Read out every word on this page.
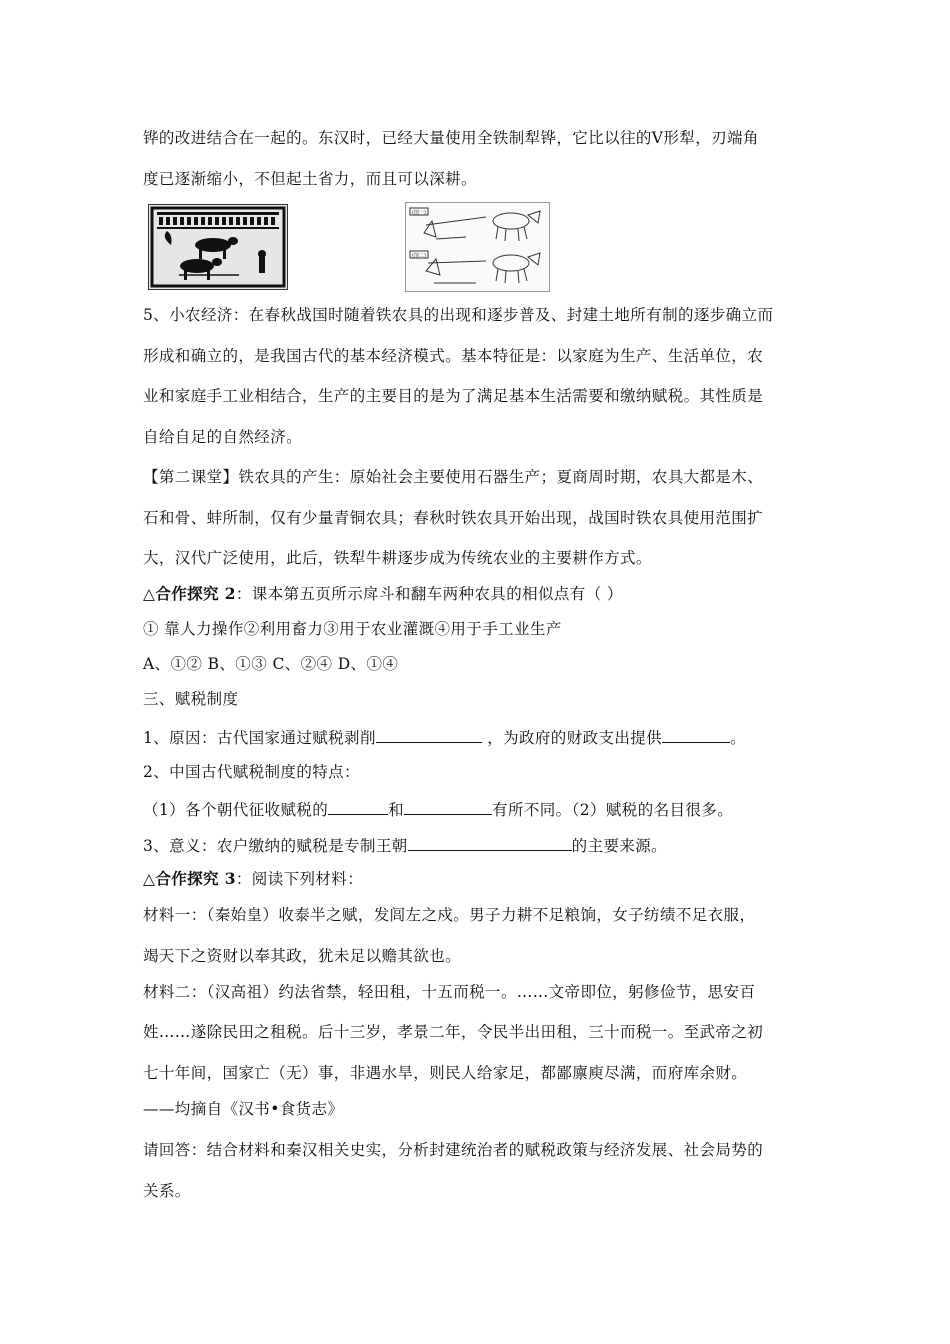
铧的改进结合在一起的。东汉时，已经大量使用全铁制犁铧，它比以往的V形犁，刃端角
度已逐渐缩小，不但起土省力，而且可以深耕。
(图一)
(图二)
5、小农经济：在春秋战国时随着铁农具的出现和逐步普及、封建土地所有制的逐步确立而
形成和确立的，是我国古代的基本经济模式。基本特征是：以家庭为生产、生活单位，农
业和家庭手工业相结合，生产的主要目的是为了满足基本生活需要和缴纳赋税。其性质是
自给自足的自然经济。
【第二课堂】铁农具的产生：原始社会主要使用石器生产；夏商周时期，农具大都是木、
石和骨、蚌所制，仅有少量青铜农具；春秋时铁农具开始出现，战国时铁农具使用范围扩
大，汉代广泛使用，此后，铁犁牛耕逐步成为传统农业的主要耕作方式。
△合作探究 2：课本第五页所示戽斗和翻车两种农具的相似点有（ ）
① 靠人力操作②利用畜力③用于农业灌溉④用于手工业生产
A、①② B、①③ C、②④ D、①④
三、赋税制度
1、原因：古代国家通过赋税剥削	，为政府的财政支出提供	。
2、中国古代赋税制度的特点：
（1）各个朝代征收赋税的	和	有所不同。（2）赋税的名目很多。
3、意义：农户缴纳的赋税是专制王朝	的主要来源。
△合作探究 3：阅读下列材料：
材料一：（秦始皇）收泰半之赋，发闾左之戍。男子力耕不足粮饷，女子纺绩不足衣服，
竭天下之资财以奉其政，犹未足以赡其欲也。
材料二：（汉高祖）约法省禁，轻田租，十五而税一。……文帝即位，躬修俭节，思安百
姓……遂除民田之租税。后十三岁，孝景二年，令民半出田租，三十而税一。至武帝之初
七十年间，国家亡（无）事，非遇水旱，则民人给家足，都鄙廪庾尽满，而府库余财。
——均摘自《汉书•食货志》
请回答：结合材料和秦汉相关史实，分析封建统治者的赋税政策与经济发展、社会局势的
关系。
